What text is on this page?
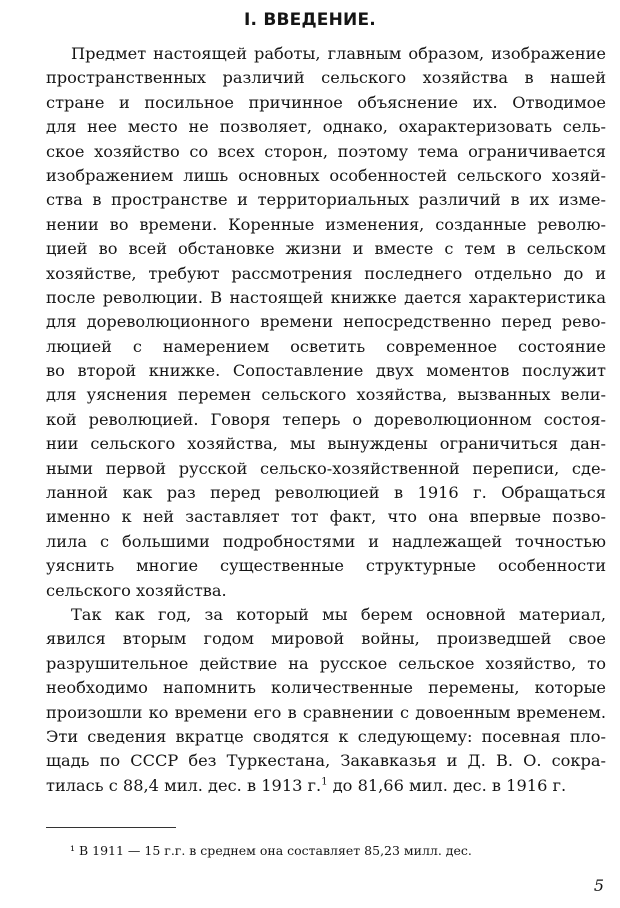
I. ВВЕДЕНИЕ.
Предмет настоящей работы, главным образом, изображение
пространственных различий сельского хозяйства в нашей
стране и посильное причинное объяснение их. Отводимое
для нее место не позволяет, однако, охарактеризовать сель-
ское хозяйство со всех сторон, поэтому тема ограничивается
изображением лишь основных особенностей сельского хозяй-
ства в пространстве и территориальных различий в их изме-
нении во времени. Коренные изменения, созданные револю-
цией во всей обстановке жизни и вместе с тем в сельском
хозяйстве, требуют рассмотрения последнего отдельно до и
после революции. В настоящей книжке дается характеристика
для дореволюционного времени непосредственно перед рево-
люцией с намерением осветить современное состояние
во второй книжке. Сопоставление двух моментов послужит
для уяснения перемен сельского хозяйства, вызванных вели-
кой революцией. Говоря теперь о дореволюционном состоя-
нии сельского хозяйства, мы вынуждены ограничиться дан-
ными первой русской сельско-хозяйственной переписи, сде-
ланной как раз перед революцией в 1916 г. Обращаться
именно к ней заставляет тот факт, что она впервые позво-
лила с большими подробностями и надлежащей точностью
уяснить многие существенные структурные особенности
сельского хозяйства.
Так как год, за который мы берем основной материал,
явился вторым годом мировой войны, произведшей свое
разрушительное действие на русское сельское хозяйство, то
необходимо напомнить количественные перемены, которые
произошли ко времени его в сравнении с довоенным временем.
Эти сведения вкратце сводятся к следующему: посевная пло-
щадь по СССР без Туркестана, Закавказья и Д. В. О. сокра-
тилась с 88,4 мил. дес. в 1913 г.$^1$ до 81,66 мил. дес. в 1916 г.
¹ В 1911 — 15 г.г. в среднем она составляет 85,23 милл. дес.
5
